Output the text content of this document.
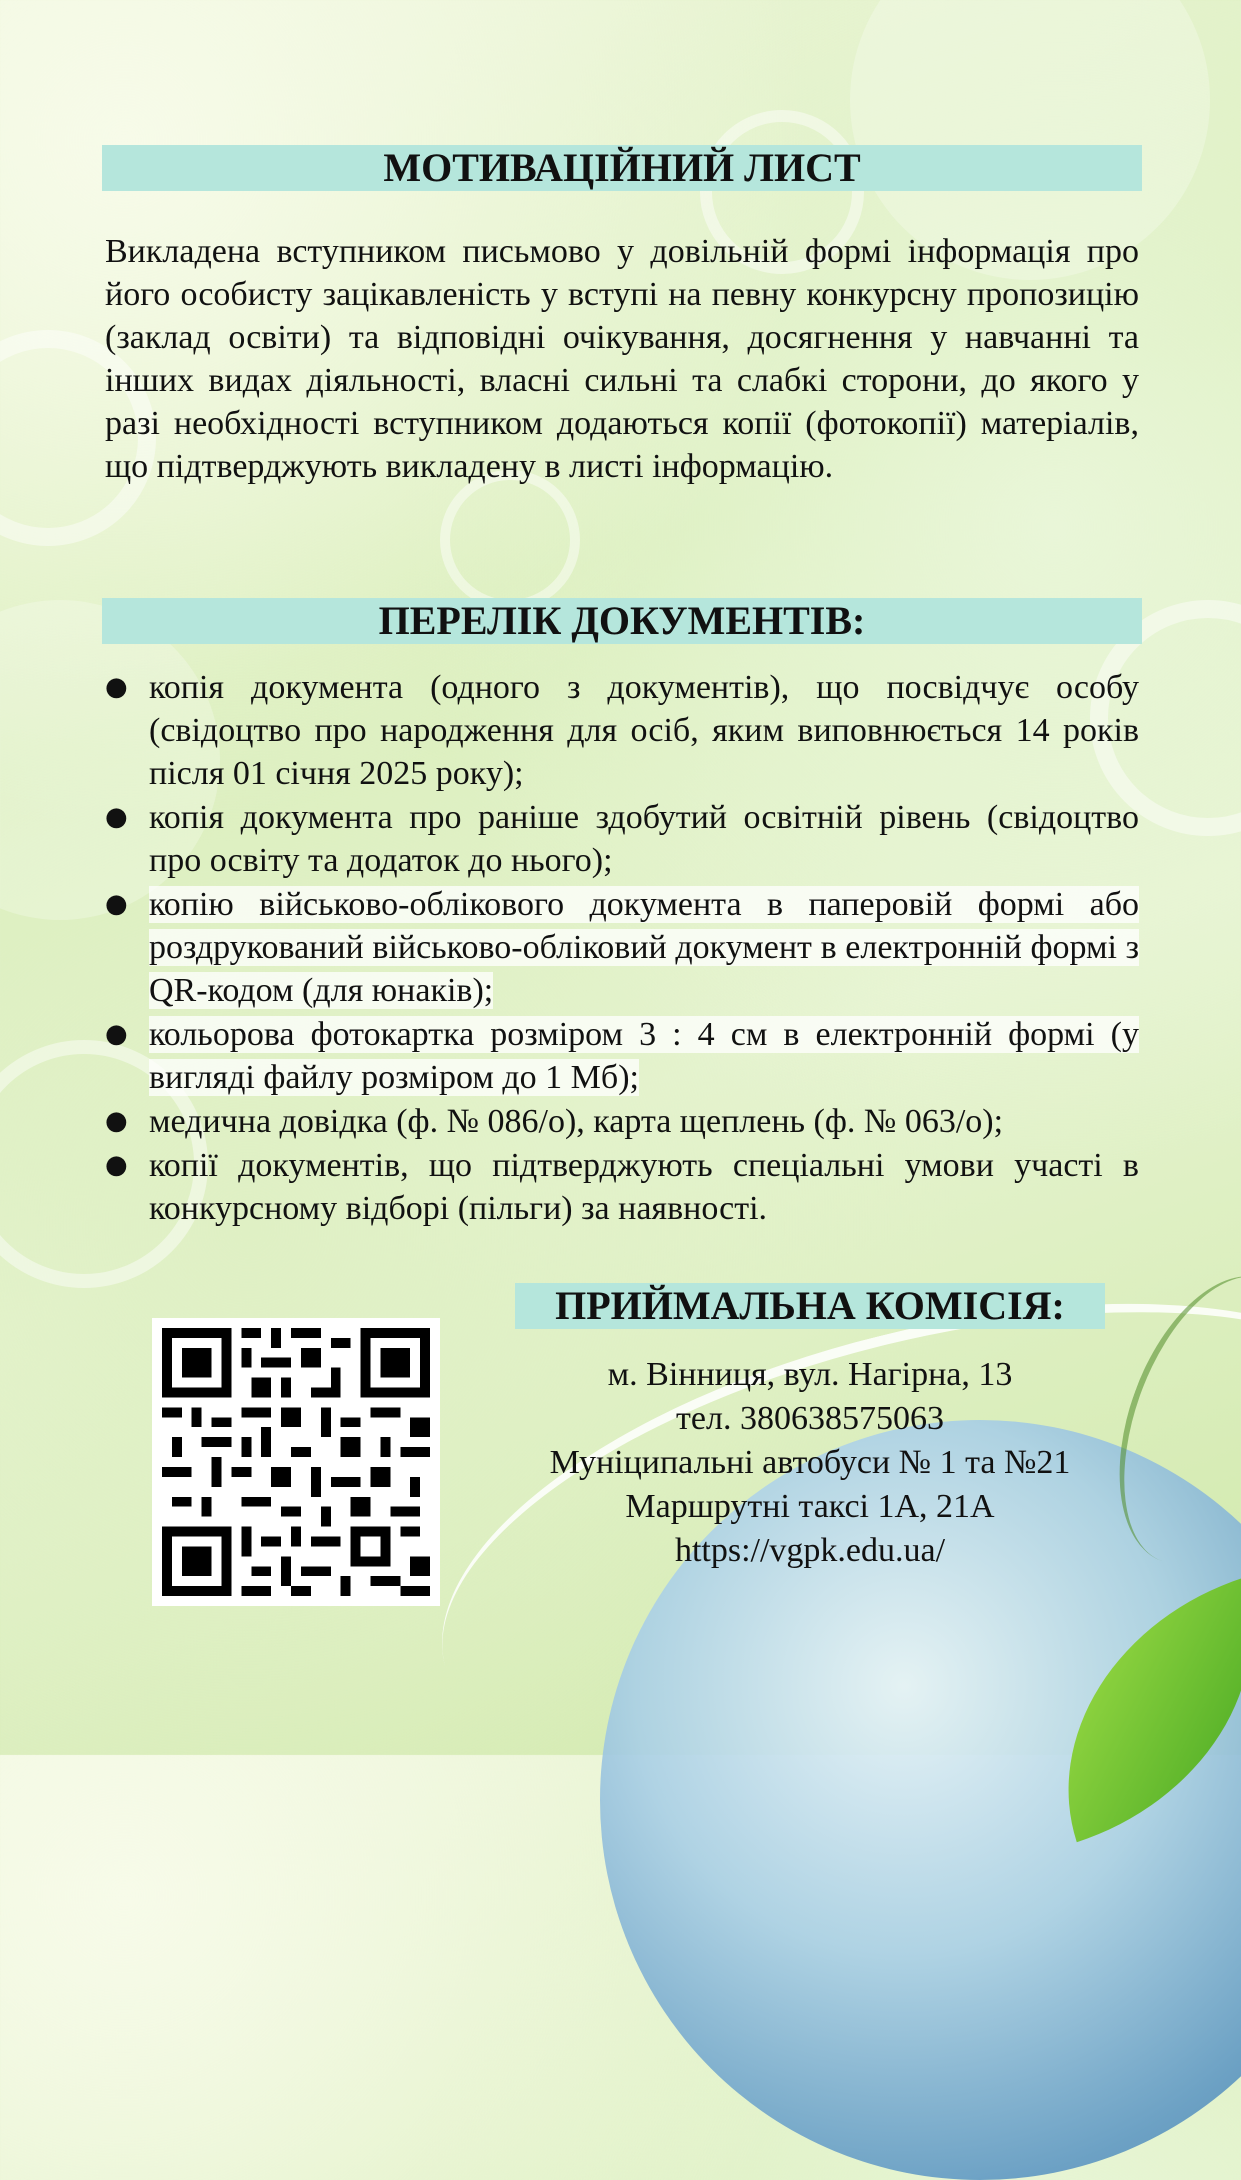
МОТИВАЦІЙНИЙ ЛИСТ

Викладена вступником письмово у довільній формі інформація про його особисту зацікавленість у вступі на певну конкурсну пропозицію (заклад освіти) та відповідні очікування, досягнення у навчанні та інших видах діяльності, власні сильні та слабкі сторони, до якого у разі необхідності вступником додаються копії (фотокопії) матеріалів, що підтверджують викладену в листі інформацію.

ПЕРЕЛІК ДОКУМЕНТІВ:
● копія документа (одного з документів), що посвідчує особу (свідоцтво про народження для осіб, яким виповнюється 14 років після 01 січня 2025 року);
● копія документа про раніше здобутий освітній рівень (свідоцтво про освіту та додаток до нього);
● копію військово-облікового документа в паперовій формі або роздрукований військово-обліковий документ в електронній формі з QR-кодом (для юнаків);
● кольорова фотокартка розміром 3 : 4 см в електронній формі (у вигляді файлу розміром до 1 Мб);
● медична довідка (ф. № 086/о), карта щеплень (ф. № 063/о);
● копії документів, що підтверджують спеціальні умови участі в конкурсному відборі (пільги) за наявності.
ПРИЙМАЛЬНА КОМІСІЯ:
м. Вінниця, вул. Нагірна, 13
тел. 380638575063
Муніципальні автобуси № 1 та №21
Маршрутні таксі 1А, 21А
https://vgpk.edu.ua/
